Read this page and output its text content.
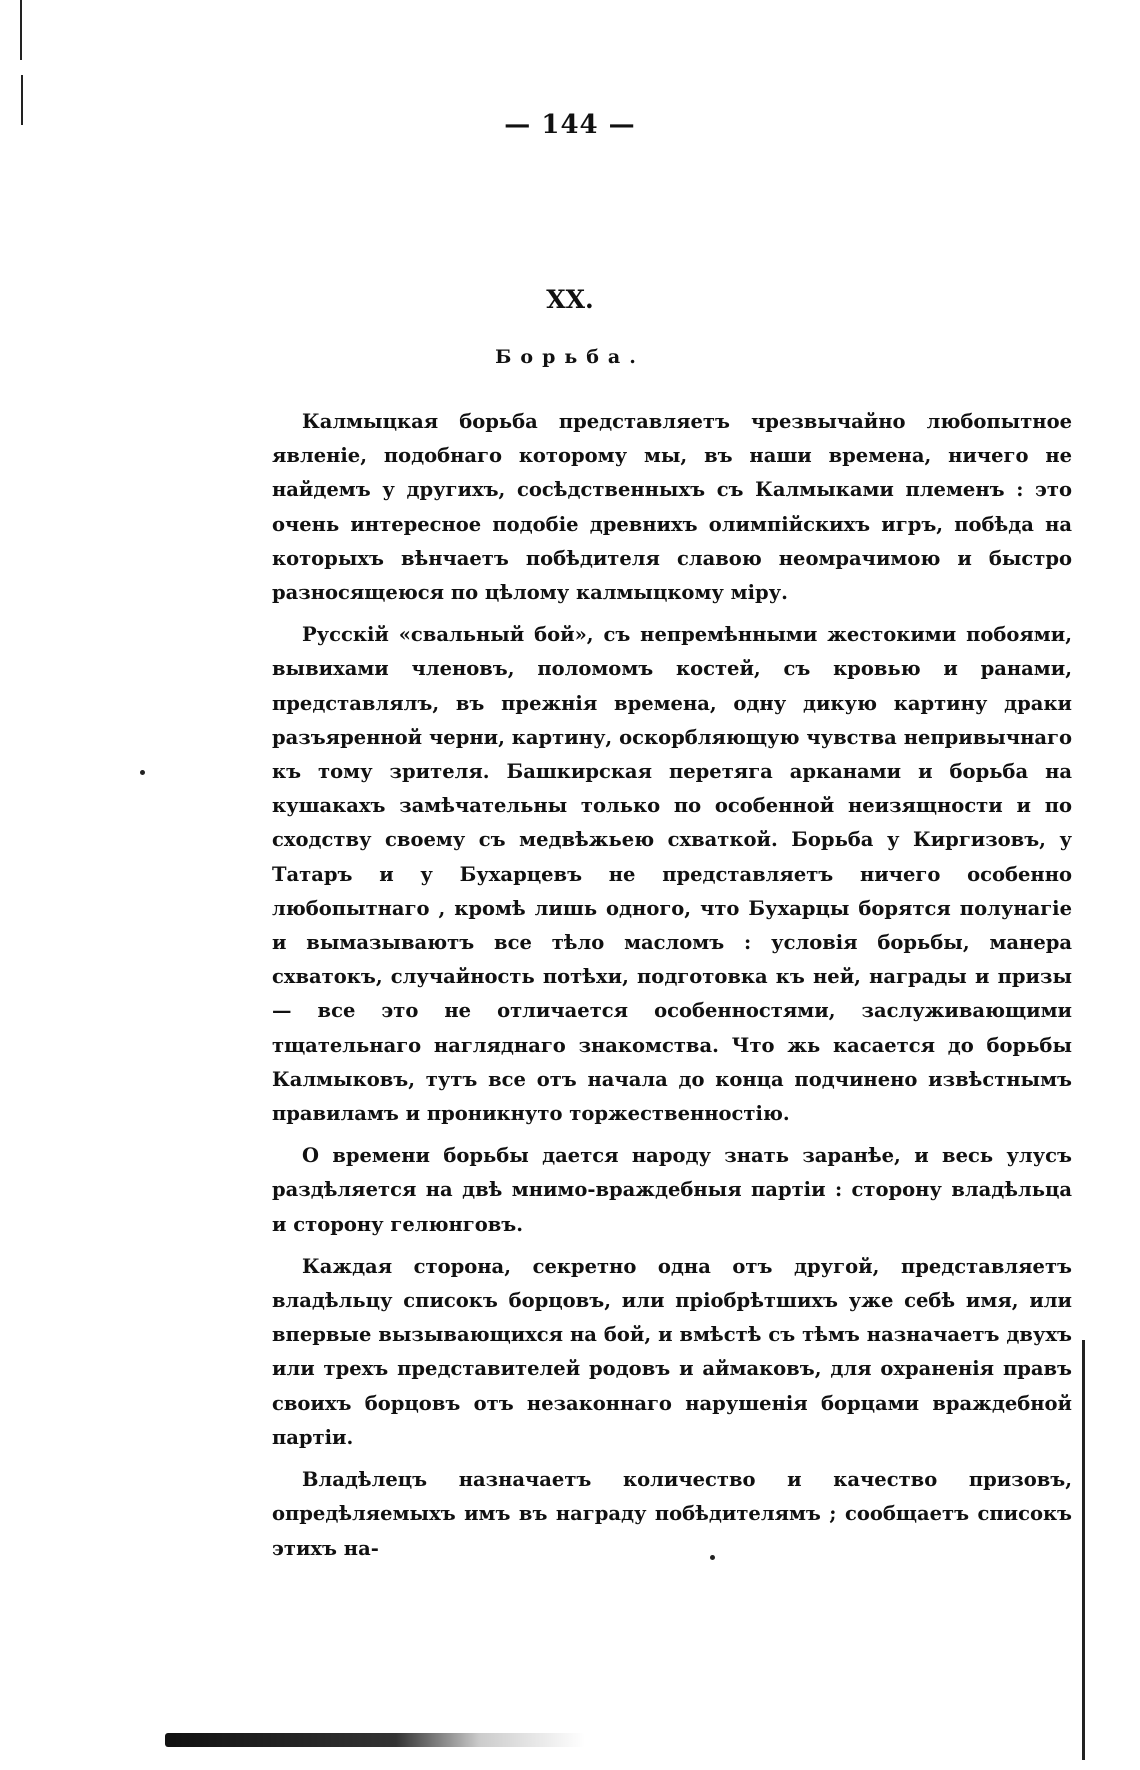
— 144 —
XX.
Борьба.

Калмыцкая борьба представляетъ чрезвычайно любопытное явленіе, подобнаго которому мы, въ наши времена, ничего не найдемъ у другихъ, сосѣдственныхъ съ Калмыками племенъ : это очень интересное подобіе древнихъ олимпійскихъ игръ, побѣда на которыхъ вѣнчаетъ побѣдителя славою неомрачимою и быстро разносящеюся по цѣлому калмыцкому міру.

Русскій «свальный бой», съ непремѣнными жестокими побоями, вывихами членовъ, поломомъ костей, съ кровью и ранами, представлялъ, въ прежнія времена, одну дикую картину драки разъяренной черни, картину, оскорбляющую чувства непривычнаго къ тому зрителя. Башкирская перетяга арканами и борьба на кушакахъ замѣчательны только по особенной неизящности и по сходству своему съ медвѣжьею схваткой. Борьба у Киргизовъ, у Татаръ и у Бухарцевъ не представляетъ ничего особенно любопытнаго , кромѣ лишь одного, что Бухарцы борятся полунагіе и вымазываютъ все тѣло масломъ : условія борьбы, манера схватокъ, случайность потѣхи, подготовка къ ней, награды и призы — все это не отличается особенностями, заслуживающими тщательнаго нагляднаго знакомства. Что жь касается до борьбы Калмыковъ, тутъ все отъ начала до конца подчинено извѣстнымъ правиламъ и проникнуто торжественностію.

О времени борьбы дается народу знать заранѣе, и весь улусъ раздѣляется на двѣ мнимо-враждебныя партіи : сторону владѣльца и сторону гелюнговъ.

Каждая сторона, секретно одна отъ другой, представляетъ владѣльцу списокъ борцовъ, или пріобрѣтшихъ уже себѣ имя, или впервые вызывающихся на бой, и вмѣстѣ съ тѣмъ назначаетъ двухъ или трехъ представителей родовъ и аймаковъ, для охраненія правъ своихъ борцовъ отъ незаконнаго нарушенія борцами враждебной партіи.

Владѣлецъ назначаетъ количество и качество призовъ, опредѣляемыхъ имъ въ награду побѣдителямъ ; сообщаетъ списокъ этихъ на-
